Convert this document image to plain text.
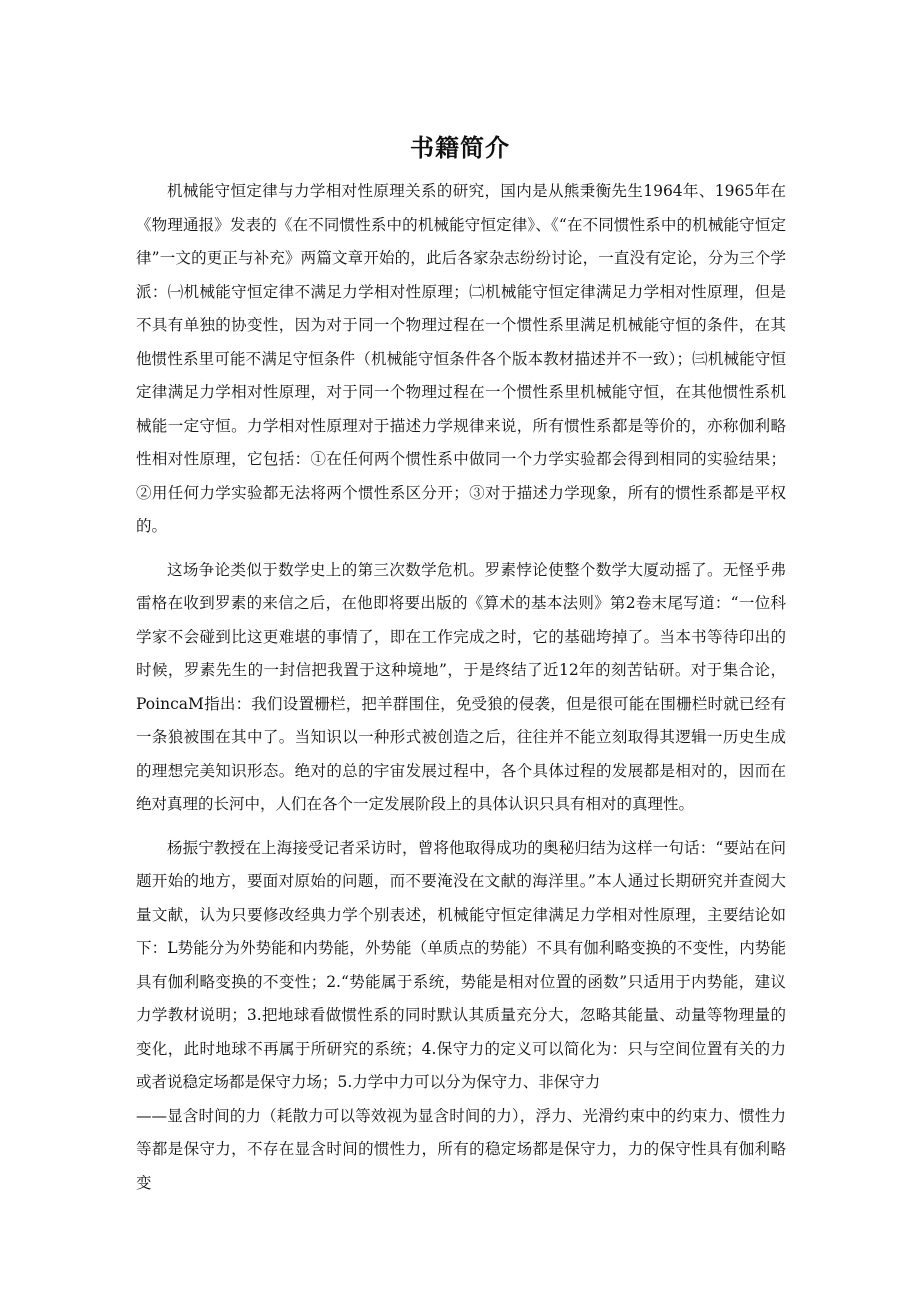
书籍简介

机械能守恒定律与力学相对性原理关系的研究，国内是从熊秉衡先生1964年、1965年在《物理通报》发表的《在不同惯性系中的机械能守恒定律》、《“在不同惯性系中的机械能守恒定律”一文的更正与补充》两篇文章开始的，此后各家杂志纷纷讨论，一直没有定论，分为三个学派：㈠机械能守恒定律不满足力学相对性原理；㈡机械能守恒定律满足力学相对性原理，但是不具有单独的协变性，因为对于同一个物理过程在一个惯性系里满足机械能守恒的条件，在其他惯性系里可能不满足守恒条件（机械能守恒条件各个版本教材描述并不一致）；㈢机械能守恒定律满足力学相对性原理，对于同一个物理过程在一个惯性系里机械能守恒，在其他惯性系机械能一定守恒。力学相对性原理对于描述力学规律来说，所有惯性系都是等价的，亦称伽利略性相对性原理，它包括：①在任何两个惯性系中做同一个力学实验都会得到相同的实验结果；②用任何力学实验都无法将两个惯性系区分开；③对于描述力学现象，所有的惯性系都是平权的。

这场争论类似于数学史上的第三次数学危机。罗素悖论使整个数学大厦动摇了。无怪乎弗雷格在收到罗素的来信之后，在他即将要出版的《算术的基本法则》第2卷末尾写道：“一位科学家不会碰到比这更难堪的事情了，即在工作完成之时，它的基础垮掉了。当本书等待印出的时候，罗素先生的一封信把我置于这种境地”，于是终结了近12年的刻苦钻研。对于集合论，PoincaM指出：我们设置栅栏，把羊群围住，免受狼的侵袭，但是很可能在围栅栏时就已经有一条狼被围在其中了。当知识以一种形式被创造之后，往往并不能立刻取得其逻辑一历史生成的理想完美知识形态。绝对的总的宇宙发展过程中，各个具体过程的发展都是相对的，因而在绝对真理的长河中，人们在各个一定发展阶段上的具体认识只具有相对的真理性。

杨振宁教授在上海接受记者采访时，曾将他取得成功的奥秘归结为这样一句话：“要站在问题开始的地方，要面对原始的问题，而不要淹没在文献的海洋里。”本人通过长期研究并查阅大量文献，认为只要修改经典力学个别表述，机械能守恒定律满足力学相对性原理，主要结论如下：L势能分为外势能和内势能，外势能（单质点的势能）不具有伽利略变换的不变性，内势能具有伽利略变换的不变性；2.“势能属于系统，势能是相对位置的函数”只适用于内势能，建议力学教材说明；3.把地球看做惯性系的同时默认其质量充分大，忽略其能量、动量等物理量的变化，此时地球不再属于所研究的系统；4.保守力的定义可以简化为：只与空间位置有关的力或者说稳定场都是保守力场；5.力学中力可以分为保守力、非保守力

——显含时间的力（耗散力可以等效视为显含时间的力），浮力、光滑约束中的约束力、惯性力等都是保守力，不存在显含时间的惯性力，所有的稳定场都是保守力，力的保守性具有伽利略变
